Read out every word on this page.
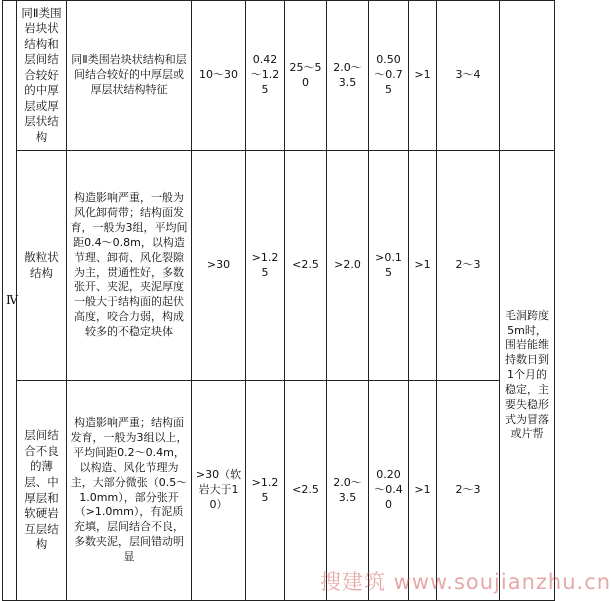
Ⅳ	同Ⅱ类围岩块状结构和层间结合较好的中厚层或厚层状结构	同Ⅱ类围岩块状结构和层间结合较好的中厚层或厚层状结构特征	10～30	0.42～1.25	25～50	2.0～3.5	0.50～0.75	>1	3～4	
	散粒状结构	构造影响严重，一般为风化卸荷带；结构面发育，一般为3组，平均间距0.4～0.8m，以构造节理、卸荷、风化裂隙为主，贯通性好，多数张开、夹泥，夹泥厚度一般大于结构面的起伏高度，咬合力弱，构成较多的不稳定块体	>30	>1.25	<2.5	>2.0	>0.15	>1	2～3	毛洞跨度5m时，围岩能维持数日到1个月的稳定，主要失稳形式为冒落或片帮
	层间结合不良的薄层、中厚层和软硬岩互层结构	构造影响严重；结构面发育，一般为3组以上，平均间距0.2～0.4m，以构造、风化节理为主，大部分微张（0.5～1.0mm），部分张开（>1.0mm），有泥质充填，层间结合不良，多数夹泥，层间错动明显	>30（软岩大于10）	>1.25	<2.5	2.0～3.5	0.20～0.40	>1	2～3	
搜建筑 www.soujianzhu.cn
